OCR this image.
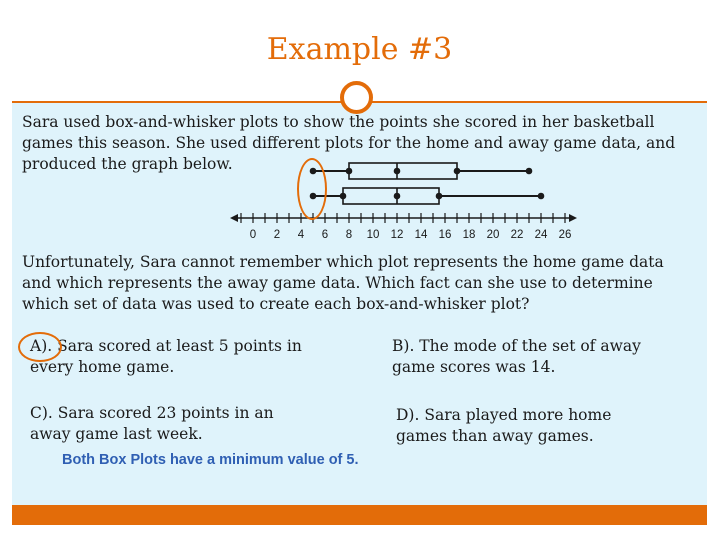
Example #3

Sara used box-and-whisker plots to show the points she scored in her basketball
games this season. She used different plots for the home and away game data, and
produced the graph below.

0 2 4 6 8 10 12 14 16 18 20 22 24 26

Unfortunately, Sara cannot remember which plot represents the home game data
and which represents the away game data. Which fact can she use to determine
which set of data was used to create each box-and-whisker plot?

A). Sara scored at least 5 points in
every home game.
B). The mode of the set of away
game scores was 14.
C). Sara scored 23 points in an
away game last week.
D). Sara played more home
games than away games.
Both Box Plots have a minimum value of 5.
